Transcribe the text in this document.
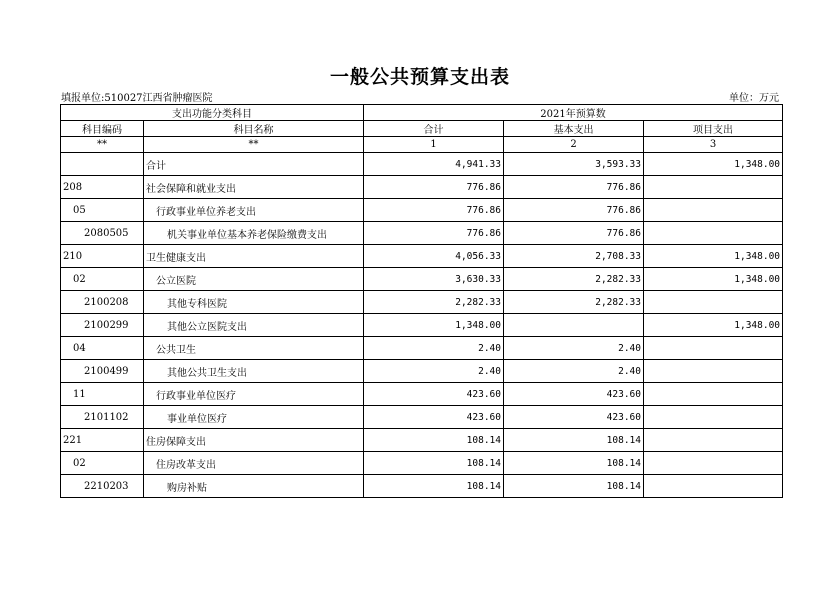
一般公共预算支出表
填报单位:510027江西省肿瘤医院	单位：万元
支出功能分类科目		2021年预算数		
科目编码	科目名称	合计	基本支出	项目支出
**	**	1	2	3
	合计	4,941.33	3,593.33	1,348.00
208	社会保障和就业支出	776.86	776.86	
05	行政事业单位养老支出	776.86	776.86	
2080505	机关事业单位基本养老保险缴费支出	776.86	776.86	
210	卫生健康支出	4,056.33	2,708.33	1,348.00
02	公立医院	3,630.33	2,282.33	1,348.00
2100208	其他专科医院	2,282.33	2,282.33	
2100299	其他公立医院支出	1,348.00		1,348.00
04	公共卫生	2.40	2.40	
2100499	其他公共卫生支出	2.40	2.40	
11	行政事业单位医疗	423.60	423.60	
2101102	事业单位医疗	423.60	423.60	
221	住房保障支出	108.14	108.14	
02	住房改革支出	108.14	108.14	
2210203	购房补贴	108.14	108.14	
